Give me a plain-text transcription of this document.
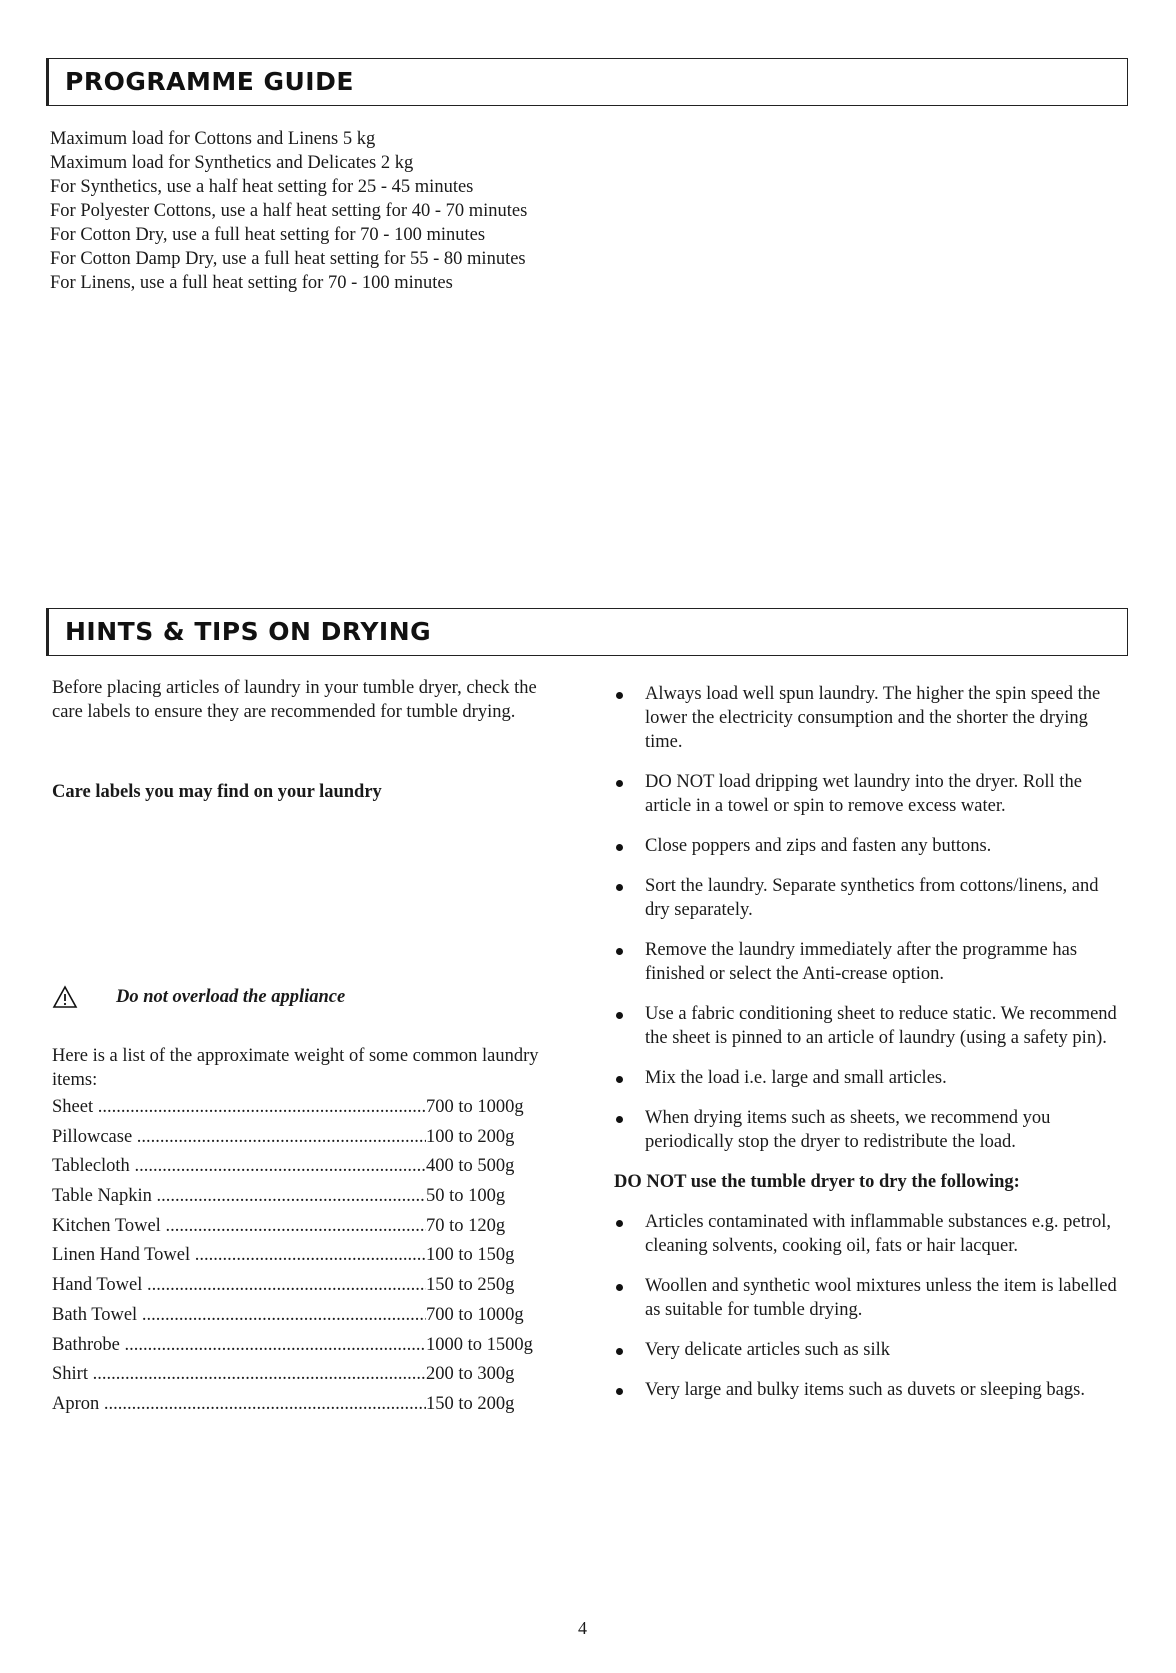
PROGRAMME GUIDE
Maximum load for Cottons and Linens 5 kg
Maximum load for Synthetics and Delicates 2 kg
For Synthetics, use a half heat setting for 25 - 45 minutes
For Polyester Cottons, use a half heat setting for 40 - 70 minutes
For Cotton Dry, use a full heat setting for 70 - 100 minutes
For Cotton Damp Dry, use a full heat setting for 55 - 80 minutes
For Linens, use a full heat setting for 70 - 100 minutes
HINTS & TIPS ON DRYING

Before placing articles of laundry in your tumble dryer, check the care labels to ensure they are recommended for tumble drying.

Care labels you may find on your laundry
Do not overload the appliance
Here is a list of the approximate weight of some common laundry items:
Sheet .....	700 to 1000g
Pillowcase .....	100 to 200g
Tablecloth .....	400 to 500g
Table Napkin .....	50 to 100g
Kitchen Towel .....	70 to 120g
Linen Hand Towel .....	100 to 150g
Hand Towel .....	150 to 250g
Bath Towel .....	700 to 1000g
Bathrobe .....	1000 to 1500g
Shirt .....	200 to 300g
Apron .....	150 to 200g
Always load well spun laundry. The higher the spin speed the lower the electricity consumption and the shorter the drying time.
DO NOT load dripping wet laundry into the dryer. Roll the article in a towel or spin to remove excess water.
Close poppers and zips and fasten any buttons.
Sort the laundry. Separate synthetics from cottons/linens, and dry separately.
Remove the laundry immediately after the programme has finished or select the Anti-crease option.
Use a fabric conditioning sheet to reduce static. We recommend the sheet is pinned to an article of laundry (using a safety pin).
Mix the load i.e. large and small articles.
When drying items such as sheets, we recommend you periodically stop the dryer to redistribute the load.
DO NOT use the tumble dryer to dry the following:
Articles contaminated with inflammable substances e.g. petrol, cleaning solvents, cooking oil, fats or hair lacquer.
Woollen and synthetic wool mixtures unless the item is labelled as suitable for tumble drying.
Very delicate articles such as silk
Very large and bulky items such as duvets or sleeping bags.
4
